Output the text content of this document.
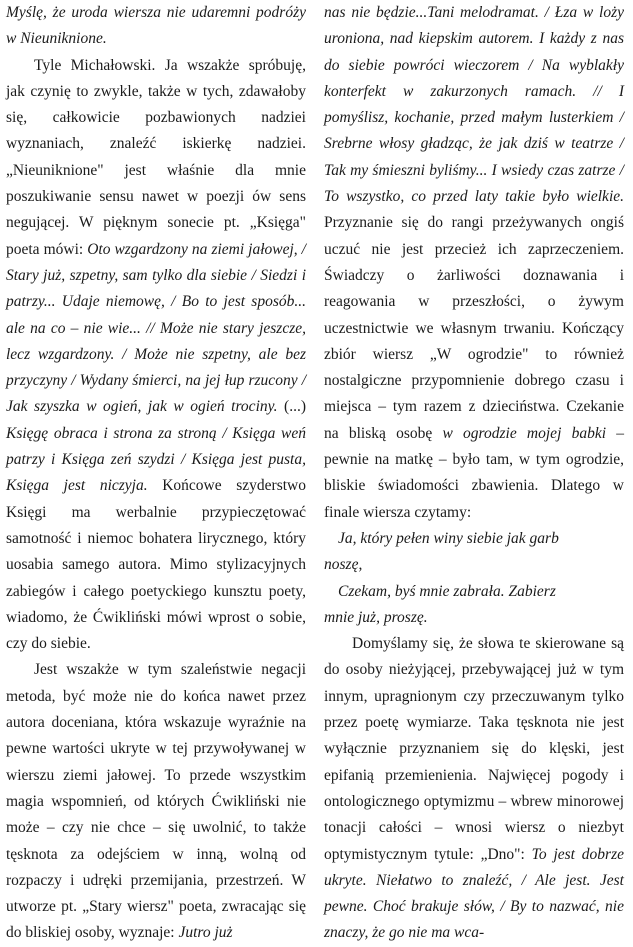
Myślę, że uroda wiersza nie udaremni podróży w Nieuniknione.

Tyle Michałowski. Ja wszakże spróbuję, jak czynię to zwykle, także w tych, zdawałoby się, całkowicie pozbawionych nadziei wyznaniach, znaleźć iskierkę nadziei. „Nieuniknione" jest właśnie dla mnie poszukiwanie sensu nawet w poezji ów sens negującej. W pięknym sonecie pt. „Księga" poeta mówi: Oto wzgardzony na ziemi jałowej, / Stary już, szpetny, sam tylko dla siebie / Siedzi i patrzy... Udaje niemowę, / Bo to jest sposób... ale na co – nie wie... // Może nie stary jeszcze, lecz wzgardzony. / Może nie szpetny, ale bez przyczyny / Wydany śmierci, na jej łup rzucony / Jak szyszka w ogień, jak w ogień trociny. (...) Księgę obraca i strona za stroną / Księga weń patrzy i Księga zeń szydzi / Księga jest pusta, Księga jest niczyja. Końcowe szyderstwo Księgi ma werbalnie przypieczętować samotność i niemoc bohatera lirycznego, który uosabia samego autora. Mimo stylizacyjnych zabiegów i całego poetyckiego kunsztu poety, wiadomo, że Ćwikliński mówi wprost o sobie, czy do siebie.

Jest wszakże w tym szaleństwie negacji metoda, być może nie do końca nawet przez autora doceniana, która wskazuje wyraźnie na pewne wartości ukryte w tej przywoływanej w wierszu ziemi jałowej. To przede wszystkim magia wspomnień, od których Ćwikliński nie może – czy nie chce – się uwolnić, to także tęsknota za odejściem w inną, wolną od rozpaczy i udręki przemijania, przestrzeń. W utworze pt. „Stary wiersz" poeta, zwracając się do bliskiej osoby, wyznaje: Jutro już

nas nie będzie...Tani melodramat. / Łza w loży uroniona, nad kiepskim autorem. I każdy z nas do siebie powróci wieczorem / Na wyblakły konterfekt w zakurzonych ramach. // I pomyślisz, kochanie, przed małym lusterkiem / Srebrne włosy gładząc, że jak dziś w teatrze / Tak my śmieszni byliśmy... I wsiedy czas zatrze / To wszystko, co przed laty takie było wielkie. Przyznanie się do rangi przeżywanych ongiś uczuć nie jest przecież ich zaprzeczeniem. Świadczy o żarliwości doznawania i reagowania w przeszłości, o żywym uczestnictwie we własnym trwaniu. Kończący zbiór wiersz „W ogrodzie" to również nostalgiczne przypomnienie dobrego czasu i miejsca – tym razem z dzieciństwa. Czekanie na bliską osobę w ogrodzie mojej babki – pewnie na matkę – było tam, w tym ogrodzie, bliskie świadomości zbawienia. Dlatego w finale wiersza czytamy:

Ja, który pełen winy siebie jak garb
noszę,
Czekam, byś mnie zabrała. Zabierz
mnie już, proszę.

Domyślamy się, że słowa te skierowane są do osoby nieżyjącej, przebywającej już w tym innym, upragnionym czy przeczuwanym tylko przez poetę wymiarze. Taka tęsknota nie jest wyłącznie przyznaniem się do klęski, jest epifanią przemienienia. Najwięcej pogody i ontologicznego optymizmu – wbrew minorowej tonacji całości – wnosi wiersz o niezbyt optymistycznym tytule: „Dno": To jest dobrze ukryte. Niełatwo to znaleźć, / Ale jest. Jest pewne. Choć brakuje słów, / By to nazwać, nie znaczy, że go nie ma wca-
